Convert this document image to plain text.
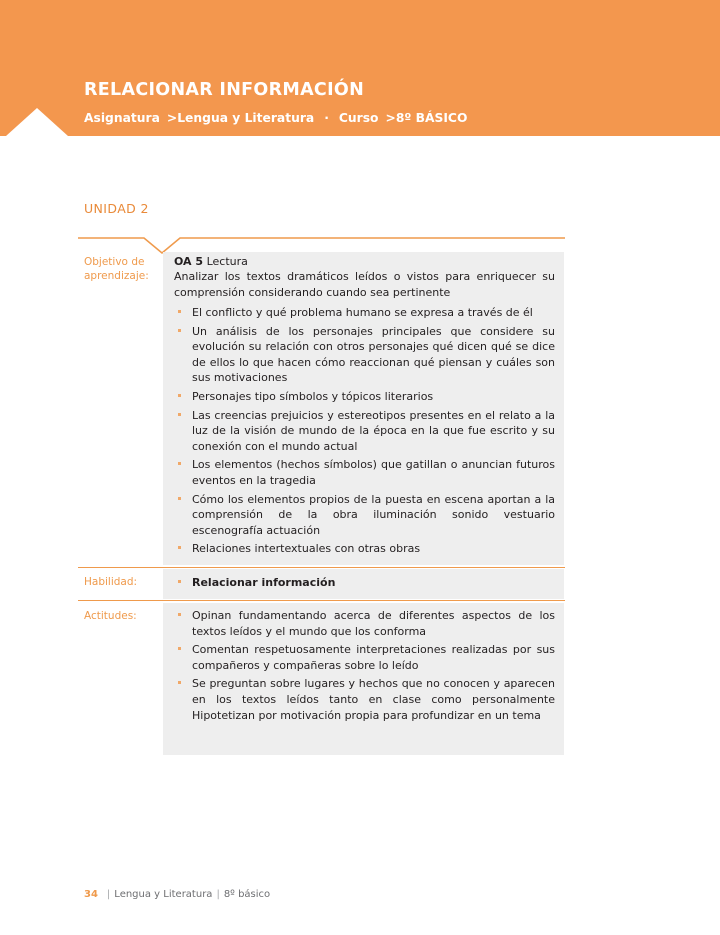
RELACIONAR INFORMACIÓN
Asignatura >Lengua y Literatura · Curso >8º BÁSICO
UNIDAD 2
Objetivo de
aprendizaje:
Habilidad:
Actitudes:
OA 5 Lectura
Analizar los textos dramáticos leídos o vistos para enriquecer su comprensión considerando cuando sea pertinente
El conflicto y qué problema humano se expresa a través de él
Un análisis de los personajes principales que considere su evolución su relación con otros personajes qué dicen qué se dice de ellos lo que hacen cómo reaccionan qué piensan y cuáles son sus motivaciones
Personajes tipo símbolos y tópicos literarios
Las creencias prejuicios y estereotipos presentes en el relato a la luz de la visión de mundo de la época en la que fue escrito y su conexión con el mundo actual
Los elementos (hechos símbolos) que gatillan o anuncian futuros eventos en la tragedia
Cómo los elementos propios de la puesta en escena aportan a la comprensión de la obra iluminación sonido vestuario escenografía actuación
Relaciones intertextuales con otras obras
Relacionar información
Opinan fundamentando acerca de diferentes aspectos de los textos leídos y el mundo que los conforma
Comentan respetuosamente interpretaciones realizadas por sus compañeros y compañeras sobre lo leído
Se preguntan sobre lugares y hechos que no conocen y aparecen en los textos leídos tanto en clase como personalmente Hipotetizan por motivación propia para profundizar en un tema
34 | Lengua y Literatura | 8º básico
